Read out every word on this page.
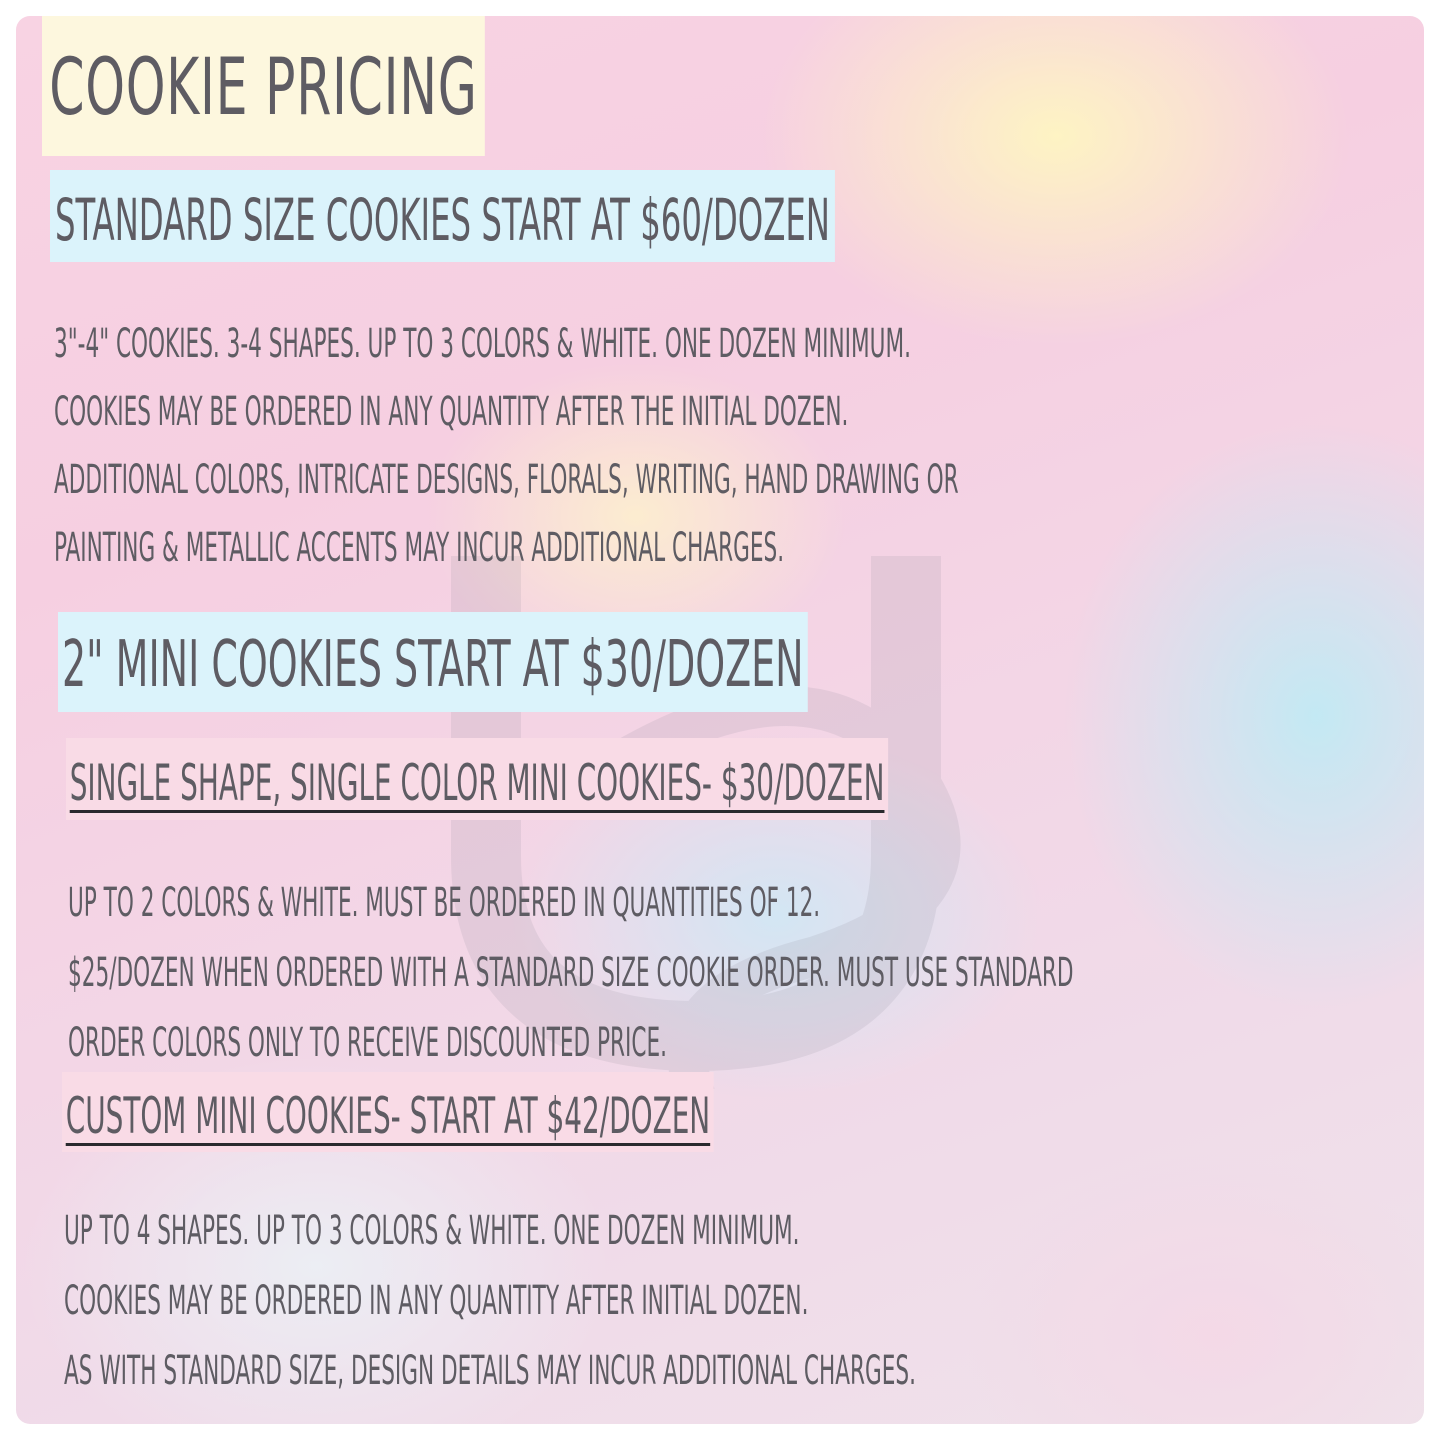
COOKIE PRICING
STANDARD SIZE COOKIES START AT $60/DOZEN
3"-4" COOKIES. 3-4 SHAPES. UP TO 3 COLORS & WHITE. ONE DOZEN MINIMUM.
COOKIES MAY BE ORDERED IN ANY QUANTITY AFTER THE INITIAL DOZEN.
ADDITIONAL COLORS, INTRICATE DESIGNS, FLORALS, WRITING, HAND DRAWING OR
PAINTING & METALLIC ACCENTS MAY INCUR ADDITIONAL CHARGES.
2" MINI COOKIES START AT $30/DOZEN
SINGLE SHAPE, SINGLE COLOR MINI COOKIES- $30/DOZEN
UP TO 2 COLORS & WHITE. MUST BE ORDERED IN QUANTITIES OF 12.
$25/DOZEN WHEN ORDERED WITH A STANDARD SIZE COOKIE ORDER. MUST USE STANDARD
ORDER COLORS ONLY TO RECEIVE DISCOUNTED PRICE.
CUSTOM MINI COOKIES- START AT $42/DOZEN
UP TO 4 SHAPES. UP TO 3 COLORS & WHITE. ONE DOZEN MINIMUM.
COOKIES MAY BE ORDERED IN ANY QUANTITY AFTER INITIAL DOZEN.
AS WITH STANDARD SIZE, DESIGN DETAILS MAY INCUR ADDITIONAL CHARGES.
